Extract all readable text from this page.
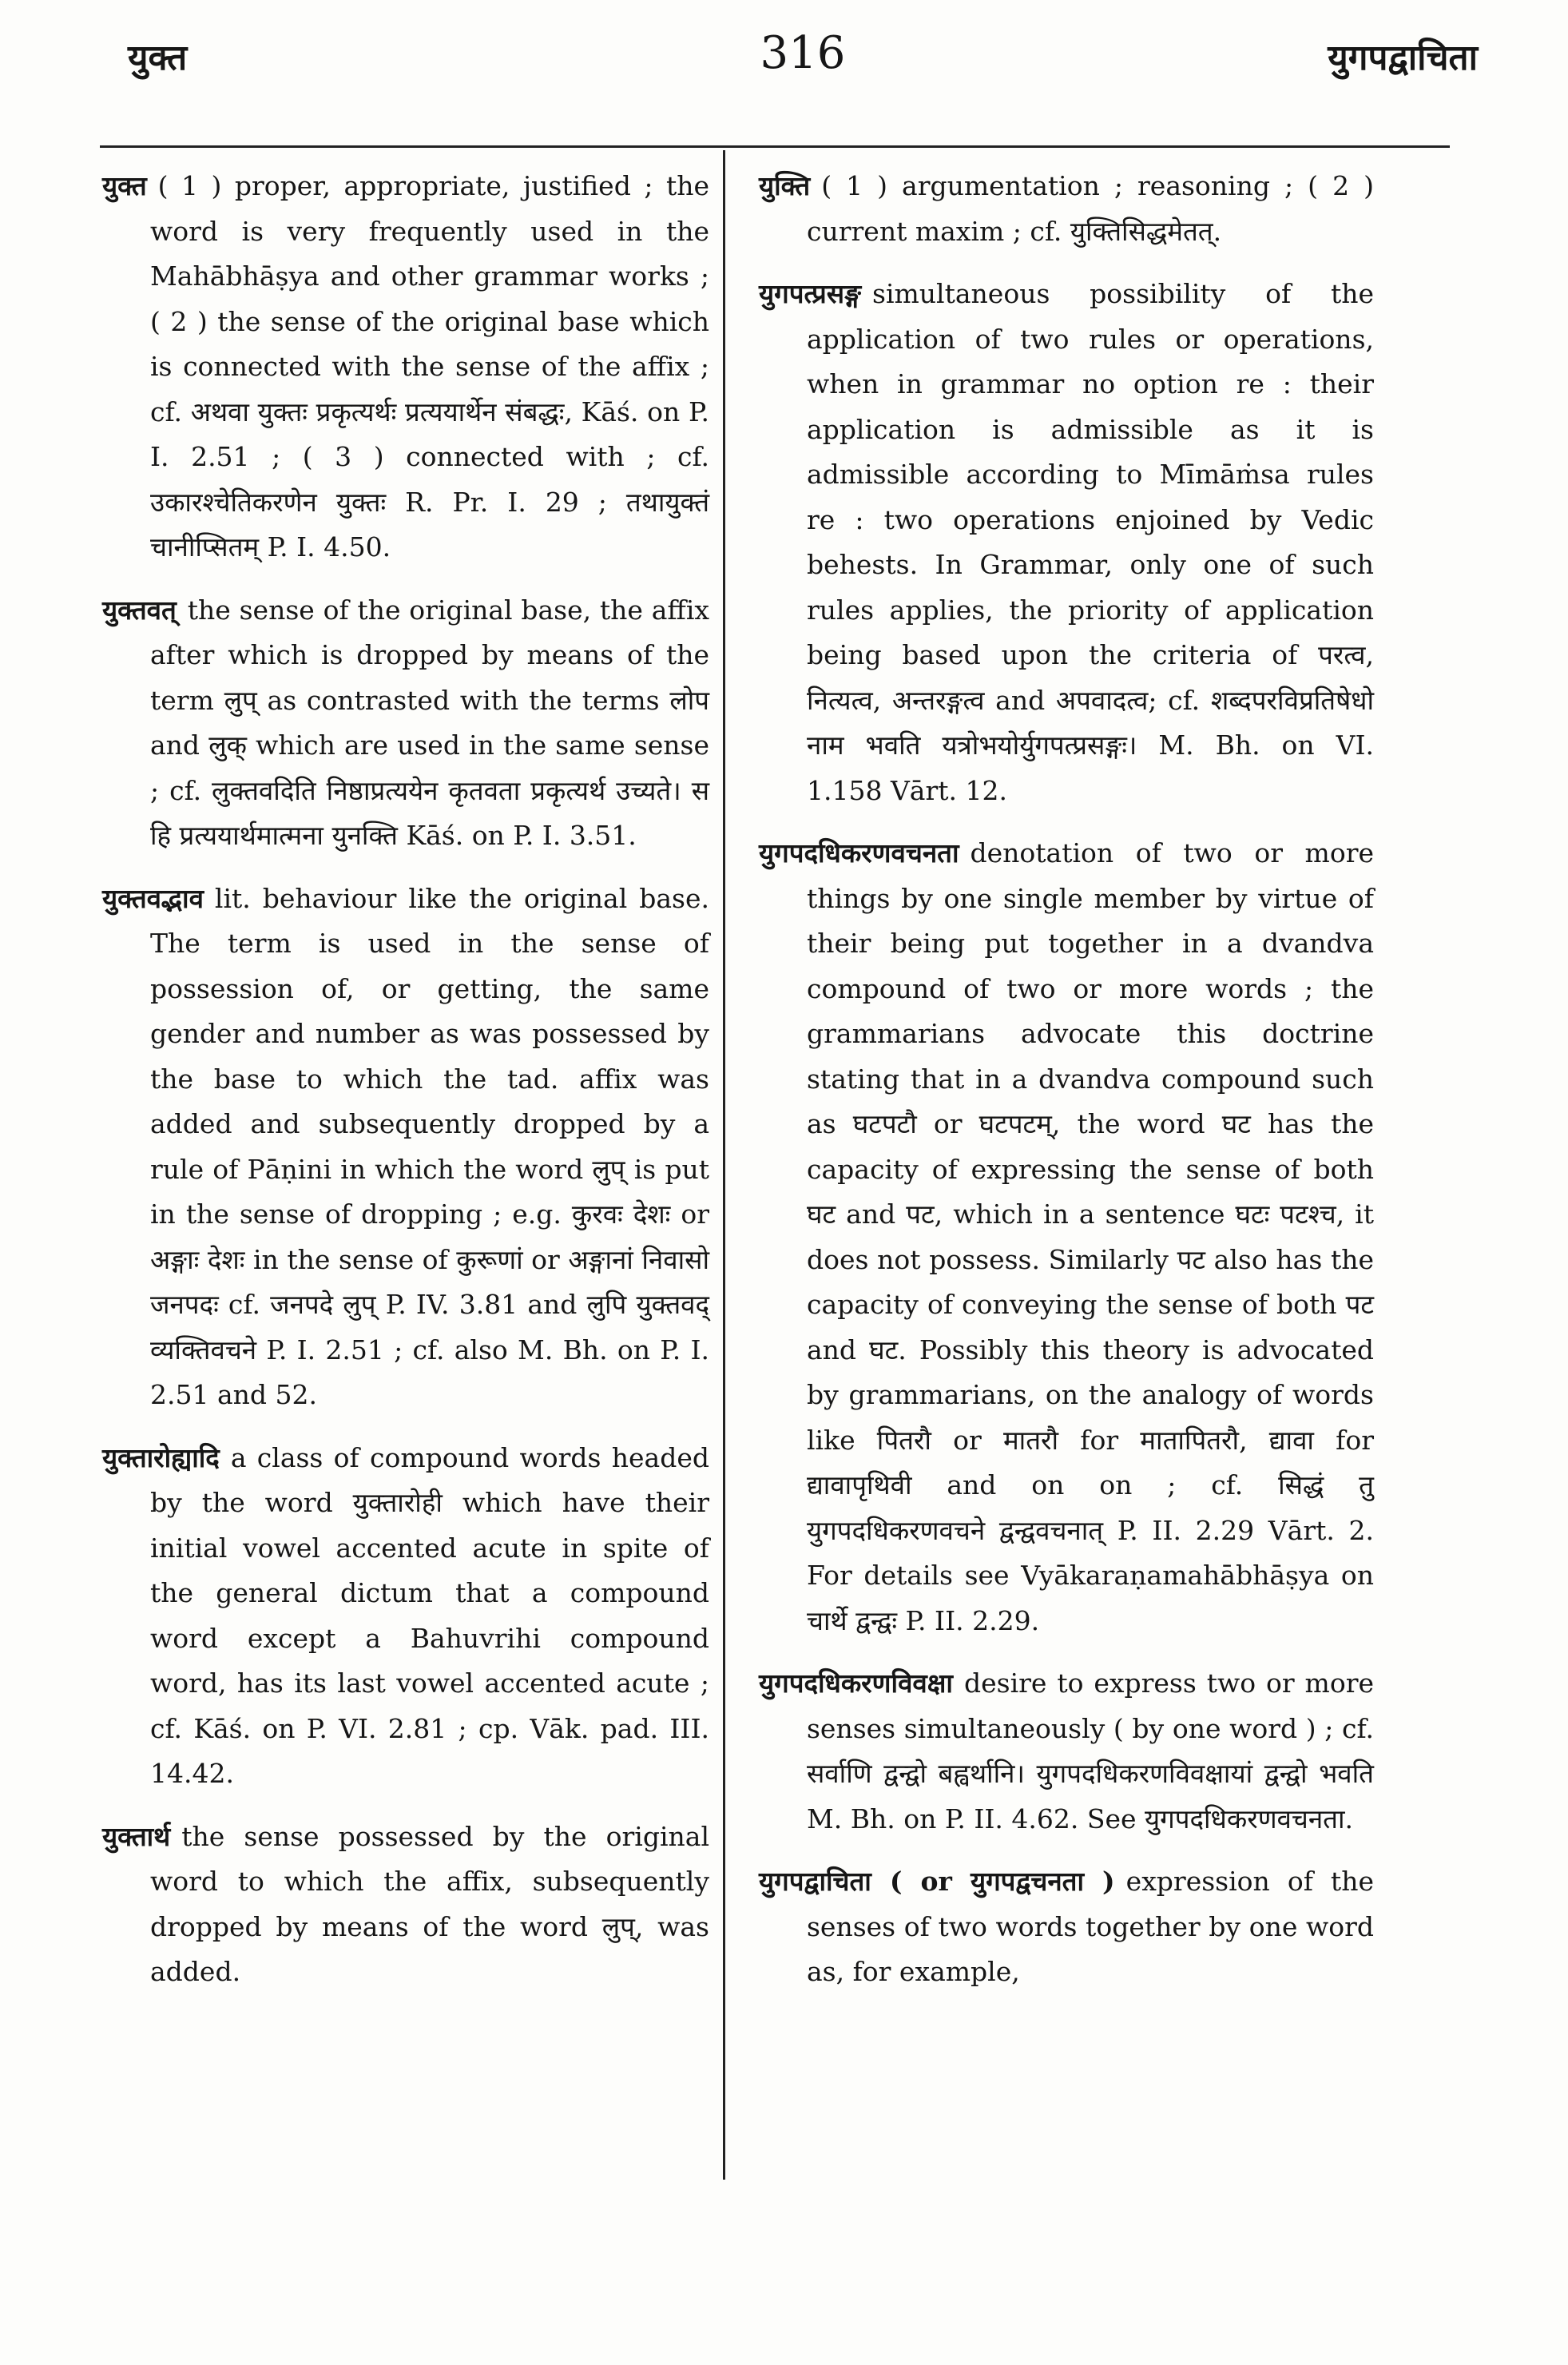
युक्त	316	युगपद्वाचिता

युक्त ( 1 ) proper, appropriate, justified ; the word is very frequently used in the Mahābhāṣya and other grammar works ; ( 2 ) the sense of the original base which is connected with the sense of the affix ; cf. अथवा युक्तः प्रकृत्यर्थः प्रत्ययार्थेन संबद्धः, Kāś. on P. I. 2.51 ; ( 3 ) connected with ; cf. उकारश्चेतिकरणेन युक्तः R. Pr. I. 29 ; तथायुक्तं चानीप्सितम् P. I. 4.50.

युक्तवत् the sense of the original base, the affix after which is dropped by means of the term लुप् as contrasted with the terms लोप and लुक् which are used in the same sense ; cf. लुक्तवदिति निष्ठाप्रत्ययेन कृतवता प्रकृत्यर्थ उच्यते। स हि प्रत्ययार्थमात्मना युनक्ति Kāś. on P. I. 3.51.

युक्तवद्भाव lit. behaviour like the original base. The term is used in the sense of possession of, or getting, the same gender and number as was possessed by the base to which the tad. affix was added and subsequently dropped by a rule of Pāṇini in which the word लुप् is put in the sense of dropping ; e.g. कुरवः देशः or अङ्गाः देशः in the sense of कुरूणां or अङ्गानां निवासो जनपदः cf. जनपदे लुप् P. IV. 3.81 and लुपि युक्तवद् व्यक्तिवचने P. I. 2.51 ; cf. also M. Bh. on P. I. 2.51 and 52.

युक्तारोह्यादि a class of compound words headed by the word युक्तारोही which have their initial vowel accented acute in spite of the general dictum that a compound word except a Bahuvrihi compound word, has its last vowel accented acute ; cf. Kāś. on P. VI. 2.81 ; cp. Vāk. pad. III. 14.42.

युक्तार्थ the sense possessed by the original word to which the affix, subsequently dropped by means of the word लुप्, was added.

युक्ति ( 1 ) argumentation ; reasoning ; ( 2 ) current maxim ; cf. युक्तिसिद्धमेतत्.

युगपत्प्रसङ्ग simultaneous possibility of the application of two rules or operations, when in grammar no option re : their application is admissible as it is admissible according to Mīmāṁsa rules re : two operations enjoined by Vedic behests. In Grammar, only one of such rules applies, the priority of application being based upon the criteria of परत्व, नित्यत्व, अन्तरङ्गत्व and अपवादत्व; cf. शब्दपरविप्रतिषेधो नाम भवति यत्रोभयोर्युगपत्प्रसङ्गः। M. Bh. on VI. 1.158 Vārt. 12.

युगपदधिकरणवचनता denotation of two or more things by one single member by virtue of their being put together in a dvandva compound of two or more words ; the grammarians advocate this doctrine stating that in a dvandva compound such as घटपटौ or घटपटम्, the word घट has the capacity of expressing the sense of both घट and पट, which in a sentence घटः पटश्च, it does not possess. Similarly पट also has the capacity of conveying the sense of both पट and घट. Possibly this theory is advocated by grammarians, on the analogy of words like पितरौ or मातरौ for मातापितरौ, द्यावा for द्यावापृथिवी and on on ; cf. सिद्धं तु युगपदधिकरणवचने द्वन्द्ववचनात् P. II. 2.29 Vārt. 2. For details see Vyākaraṇamahābhāṣya on चार्थे द्वन्द्वः P. II. 2.29.

युगपदधिकरणविवक्षा desire to express two or more senses simultaneously ( by one word ) ; cf. सर्वाणि द्वन्द्वो बह्वर्थानि। युगपदधिकरणविवक्षायां द्वन्द्वो भवति M. Bh. on P. II. 4.62. See युगपदधिकरणवचनता.

युगपद्वाचिता ( or युगपद्वचनता ) expression of the senses of two words together by one word as, for example,
